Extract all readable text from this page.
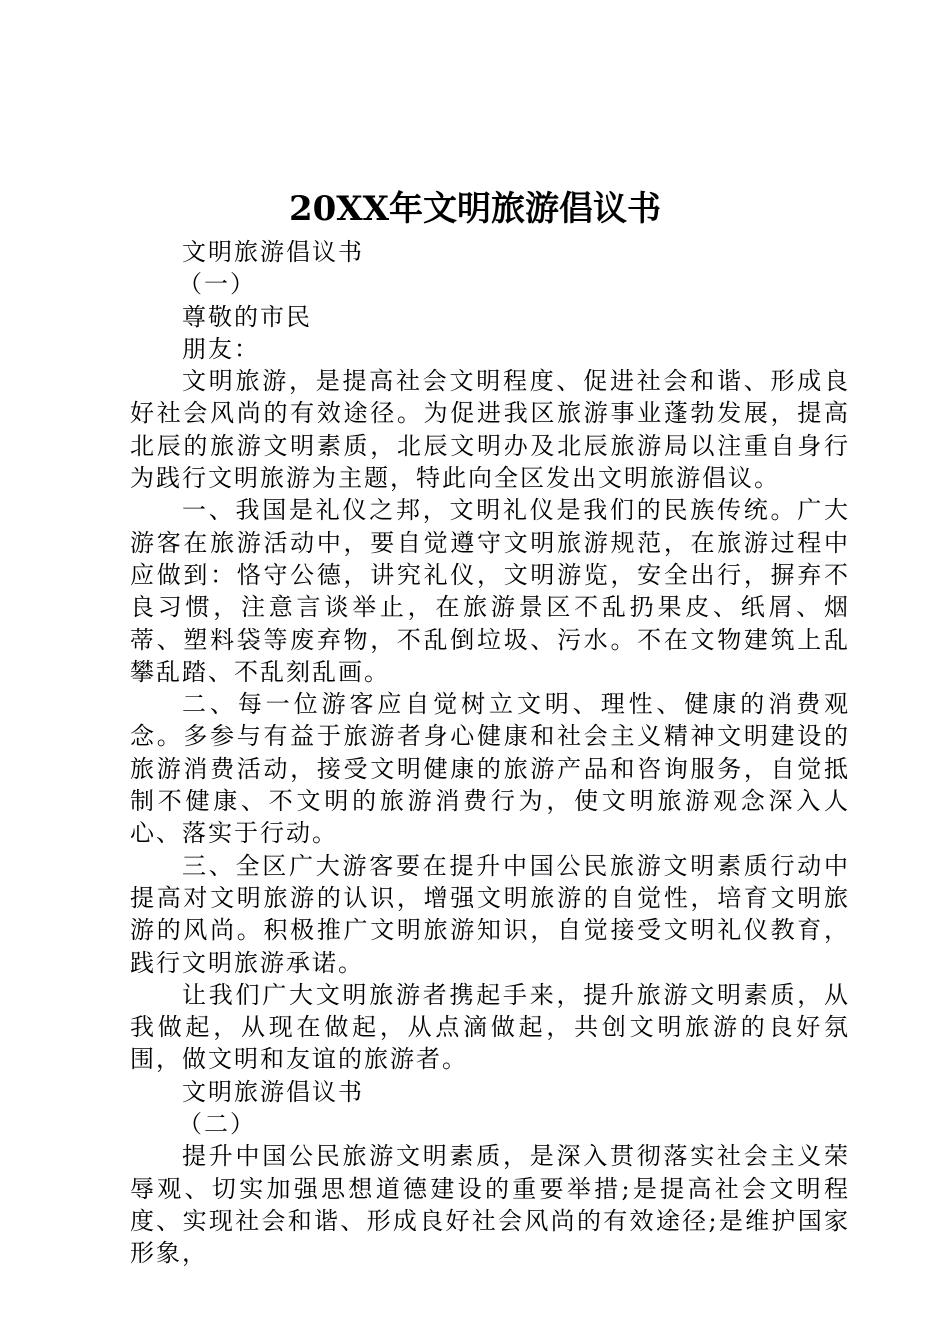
20XX年文明旅游倡议书

文明旅游倡议书

（一）

尊敬的市民

朋友：

文明旅游，是提高社会文明程度、促进社会和谐、形成良好社会风尚的有效途径。为促进我区旅游事业蓬勃发展，提高北辰的旅游文明素质，北辰文明办及北辰旅游局以注重自身行为践行文明旅游为主题，特此向全区发出文明旅游倡议。

一、我国是礼仪之邦，文明礼仪是我们的民族传统。广大游客在旅游活动中，要自觉遵守文明旅游规范，在旅游过程中应做到：恪守公德，讲究礼仪，文明游览，安全出行，摒弃不良习惯，注意言谈举止，在旅游景区不乱扔果皮、纸屑、烟蒂、塑料袋等废弃物，不乱倒垃圾、污水。不在文物建筑上乱攀乱踏、不乱刻乱画。

二、每一位游客应自觉树立文明、理性、健康的消费观念。多参与有益于旅游者身心健康和社会主义精神文明建设的旅游消费活动，接受文明健康的旅游产品和咨询服务，自觉抵制不健康、不文明的旅游消费行为，使文明旅游观念深入人心、落实于行动。

三、全区广大游客要在提升中国公民旅游文明素质行动中提高对文明旅游的认识，增强文明旅游的自觉性，培育文明旅游的风尚。积极推广文明旅游知识，自觉接受文明礼仪教育，践行文明旅游承诺。

让我们广大文明旅游者携起手来，提升旅游文明素质，从我做起，从现在做起，从点滴做起，共创文明旅游的良好氛围，做文明和友谊的旅游者。

文明旅游倡议书

（二）

提升中国公民旅游文明素质，是深入贯彻落实社会主义荣辱观、切实加强思想道德建设的重要举措;是提高社会文明程度、实现社会和谐、形成良好社会风尚的有效途径;是维护国家形象，
